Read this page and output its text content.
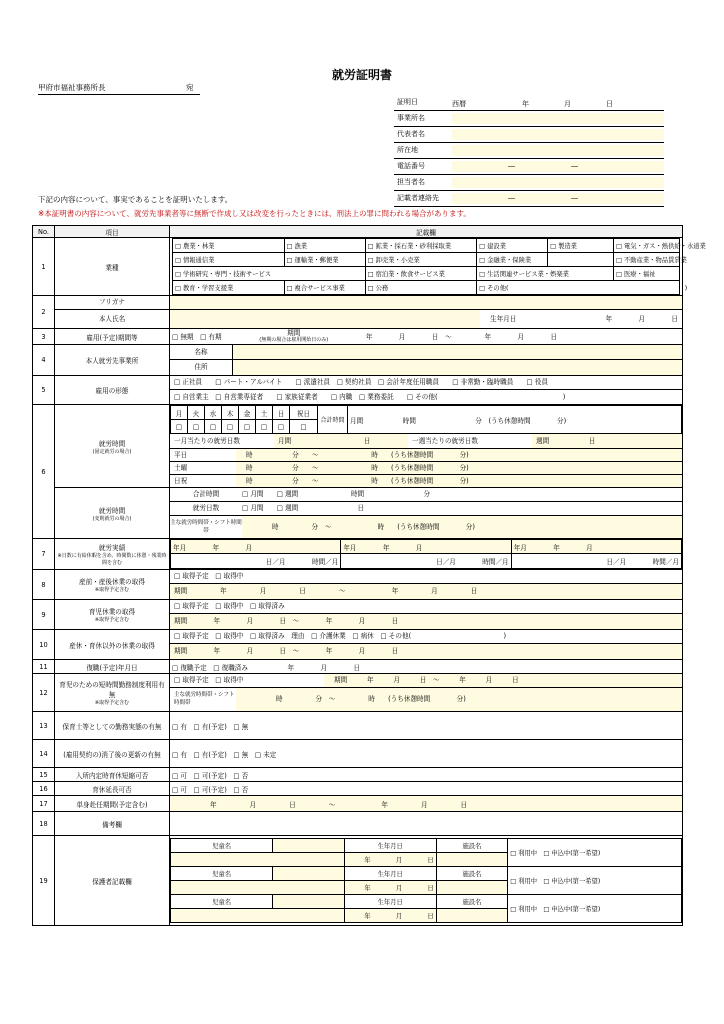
就労証明書
甲府市福祉事務所長	宛
証明日	西暦　　　　　　　　年　　　　　月　　　　　日
事業所名
代表者名
所在地
電話番号	　　　　　　　　―　　　　　　　　―
担当者名
記載者連絡先 　　　　　　　　―　　　　　　　　―
下記の内容について、事実であることを証明いたします。
※本証明書の内容について、就労先事業者等に無断で作成し又は改変を行ったときには、刑法上の罪に問われる場合があります。
No.	項目	記載欄
1	業種	
□ 農業・林業	□ 漁業	□ 鉱業・採石業・砂利採取業	□ 建設業	□ 製造業	□ 電気・ガス・熱供給・水道業
□ 情報通信業	□ 運輸業・郵便業	□ 卸売業・小売業	□ 金融業・保険業		□ 不動産業・物品賃貸業
□ 学術研究・専門・技術サービス	□ 宿泊業・飲食サービス業	□ 生活関連サービス業・娯楽業	□ 医療・福祉
□ 教育・学習支援業	□ 複合サービス事業	□ 公務	□ その他(　　　　　　　　　　　　　　　　　　　　　　　　　　　　)

2	
フリガナ
本人氏名	生年月日	年　　　　月　　　　日

3	雇用(予定)期間等	□ 無期　□ 有期	期間
(無期の場合は雇用開始日のみ)	年　　　　月　　　　日　～　　　　　年　　　　月　　　　日
4	本人就労先事業所	
名称
住所

5	雇用の形態	
□ 正社員　　□ パート・アルバイト　　□ 派遣社員　□ 契約社員　□ 会計年度任用職員　　□ 非常勤・臨時職員　　□ 役員
□ 自営業主　□ 自営業専従者　　□ 家族従業者　　□ 内職　□ 業務委託　　□ その他(　　　　　　　　　　　　　　　　　　　)

6	就労時間
(固定就労の場合)

月	火	水	木	金	土	日	祝日	合計時間	月間　　　　　　時間　　　　　　　　　分　 (うち休憩時間　　　　分)
□	□	□	□	□	□	□	□
一月当たりの就労日数	月間　　　　　　　　　　　日	一週当たりの就労日数	週間　　　　　　日
平日	時　　　　　　分　　～　　　　　　　　時　　(うち休憩時間　　　　分)
土曜	時　　　　　　分　　～　　　　　　　　時　　(うち休憩時間　　　　分)
日祝	時　　　　　　分　　～　　　　　　　　時　　(うち休憩時間　　　　分)

就労時間
(変則就労の場合)

合計時間	□ 月間　　□ 週間　　　　　　　　時間　　　　　　　　　分
就労日数	□ 月間　　□ 週間　　　　　　　　　日
主な就労時間帯・シフト時間帯	時　　　　　分　～　　　　　　　時　　(うち休憩時間　　　　分)

7	就労実績
※日数に有給休暇を含め、時間数に休憩・残業時間を含む

年月　　　　年　　　　月	年月　　　　年　　　　月	年月　　　　年　　　　月
日／月　　　　時間／月	日／月　　　　時間／月	日／月　　　　時間／月

8	産前・産後休業の取得
※取得予定含む

□ 取得予定　□ 取得中
期間　　　　　年　　　　　月　　　　　日　　　　　～　　　　　　　年　　　　　月　　　　　日

9	育児休業の取得
※取得予定含む

□ 取得予定　□ 取得中　□ 取得済み
期間　　　　年　　　　月　　　　日　～　　　　年　　　　月　　　　日

10	産休・育休以外の休業の取得	
□ 取得予定　□ 取得中　□ 取得済み　理由　□ 介護休業　□ 病休　□ その他(　　　　　　　　　　　　　　)
期間　　　　年　　　　月　　　　日　～　　　　年　　　　月　　　　日

11	復職(予定)年月日	□ 復職予定　□ 復職済み　　　　　　年　　　　月　　　　日
12	育児のための短時間勤務制度利用有無
※取得予定含む

□ 取得予定　□ 取得中	期間　　　年　　　月　　　日　～　　　年　　　月　　　日
主な就労時間帯・シフト時間帯	時　　　　　分　～　　　　　時　　(うち休憩時間　　　　分)

13	保育士等としての勤務実態の有無	□ 有　□ 有(予定)　□ 無
14	(雇用契約の)消了後の更新の有無	□ 有　□ 有(予定)　□ 無　□ 未定
15	入所内定時育休短縮可否	□ 可　□ 可(予定)　□ 否
16	育休延長可否	□ 可　□ 可(予定)　□ 否
17	単身赴任期間(予定含む)	年　　　　　月　　　　　日　　　　　～　　　　　　　年　　　　　月　　　　　日
18	備考欄	
19	保護者記載欄	
児童名		生年月日	施設名	□ 利用中　□ 申込中(第一希望)
	年　　　　月　　　　日	
児童名		生年月日	施設名	□ 利用中　□ 申込中(第一希望)
	年　　　　月　　　　日	
児童名		生年月日	施設名	□ 利用中　□ 申込中(第一希望)
	年　　　　月　　　　日	
